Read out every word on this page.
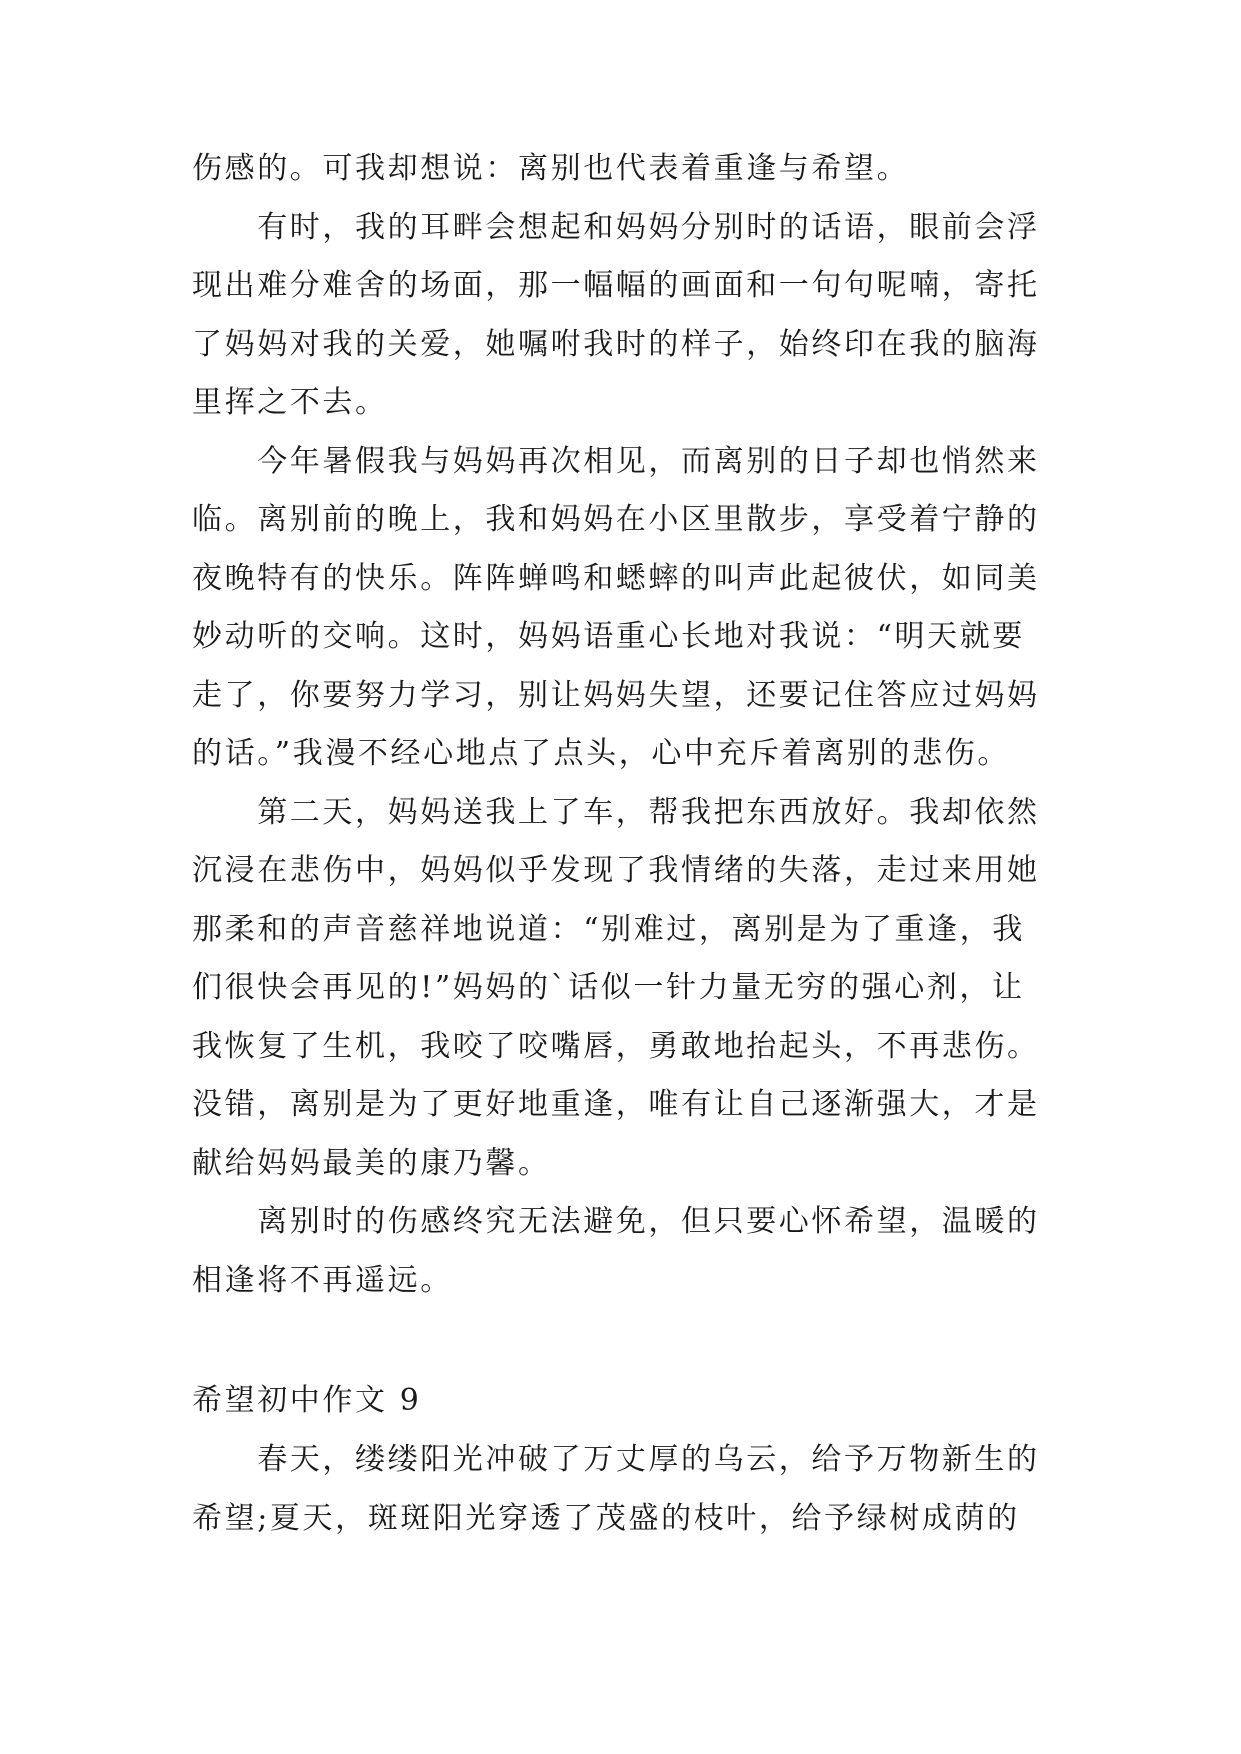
伤感的。可我却想说：离别也代表着重逢与希望。
　　有时，我的耳畔会想起和妈妈分别时的话语，眼前会浮
现出难分难舍的场面，那一幅幅的画面和一句句呢喃，寄托
了妈妈对我的关爱，她嘱咐我时的样子，始终印在我的脑海
里挥之不去。
　　今年暑假我与妈妈再次相见，而离别的日子却也悄然来
临。离别前的晚上，我和妈妈在小区里散步，享受着宁静的
夜晚特有的快乐。阵阵蝉鸣和蟋蟀的叫声此起彼伏，如同美
妙动听的交响。这时，妈妈语重心长地对我说：“明天就要
走了，你要努力学习，别让妈妈失望，还要记住答应过妈妈
的话。”我漫不经心地点了点头，心中充斥着离别的悲伤。
　　第二天，妈妈送我上了车，帮我把东西放好。我却依然
沉浸在悲伤中，妈妈似乎发现了我情绪的失落，走过来用她
那柔和的声音慈祥地说道：“别难过，离别是为了重逢，我
们很快会再见的!”妈妈的`话似一针力量无穷的强心剂，让
我恢复了生机，我咬了咬嘴唇，勇敢地抬起头，不再悲伤。
没错，离别是为了更好地重逢，唯有让自己逐渐强大，才是
献给妈妈最美的康乃馨。
　　离别时的伤感终究无法避免，但只要心怀希望，温暖的
相逢将不再遥远。
希望初中作文 9
　　春天，缕缕阳光冲破了万丈厚的乌云，给予万物新生的
希望;夏天，斑斑阳光穿透了茂盛的枝叶，给予绿树成荫的
